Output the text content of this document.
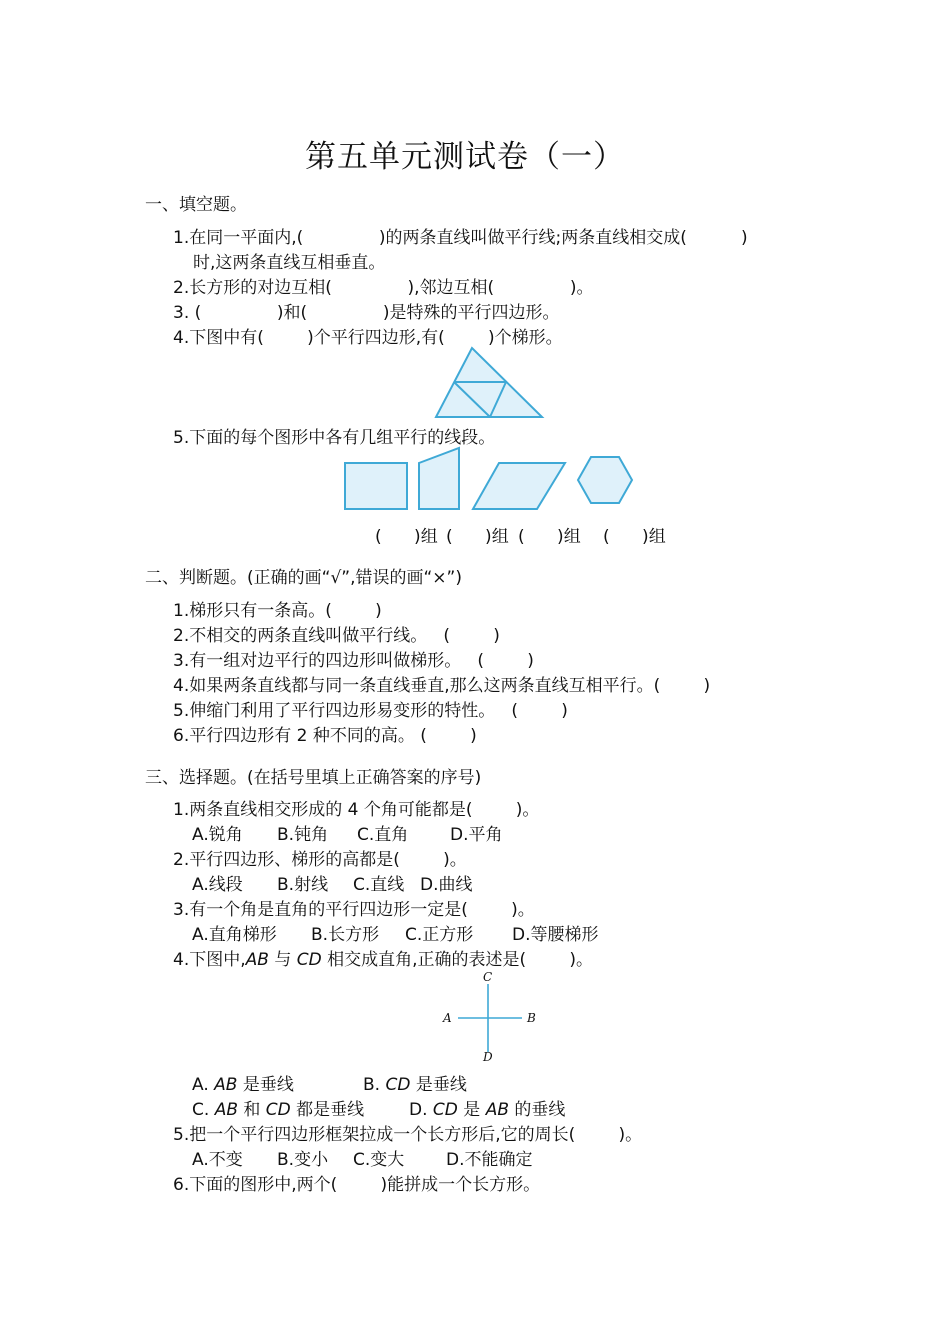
第五单元测试卷（一）
一、填空题。
1.在同一平面内,(              )的两条直线叫做平行线;两条直线相交成(          )
时,这两条直线互相垂直。
2.长方形的对边互相(              ),邻边互相(              )。
3. (              )和(              )是特殊的平行四边形。
4.下图中有(        )个平行四边形,有(        )个梯形。
5.下面的每个图形中各有几组平行的线段。
(      )组 (      )组 (      )组 (      )组
二、判断题。(正确的画“√”,错误的画“×”)
1.梯形只有一条高。(        )
2.不相交的两条直线叫做平行线。   (        )
3.有一组对边平行的四边形叫做梯形。   (        )
4.如果两条直线都与同一条直线垂直,那么这两条直线互相平行。(        )
5.伸缩门利用了平行四边形易变形的特性。   (        )
6.平行四边形有 2 种不同的高。 (        )
三、选择题。(在括号里填上正确答案的序号)
1.两条直线相交形成的 4 个角可能都是(        )。
A.锐角 B.钝角 C.直角 D.平角
2.平行四边形、梯形的高都是(        )。
A.线段 B.射线 C.直线 D.曲线
3.有一个角是直角的平行四边形一定是(        )。
A.直角梯形 B.长方形 C.正方形 D.等腰梯形
4.下图中,AB 与 CD 相交成直角,正确的表述是(        )。
C
A	B
D
A. AB 是垂线	B. CD 是垂线
C. AB 和 CD 都是垂线	D. CD 是 AB 的垂线
5.把一个平行四边形框架拉成一个长方形后,它的周长(        )。
A.不变 B.变小 C.变大 D.不能确定
6.下面的图形中,两个(        )能拼成一个长方形。
